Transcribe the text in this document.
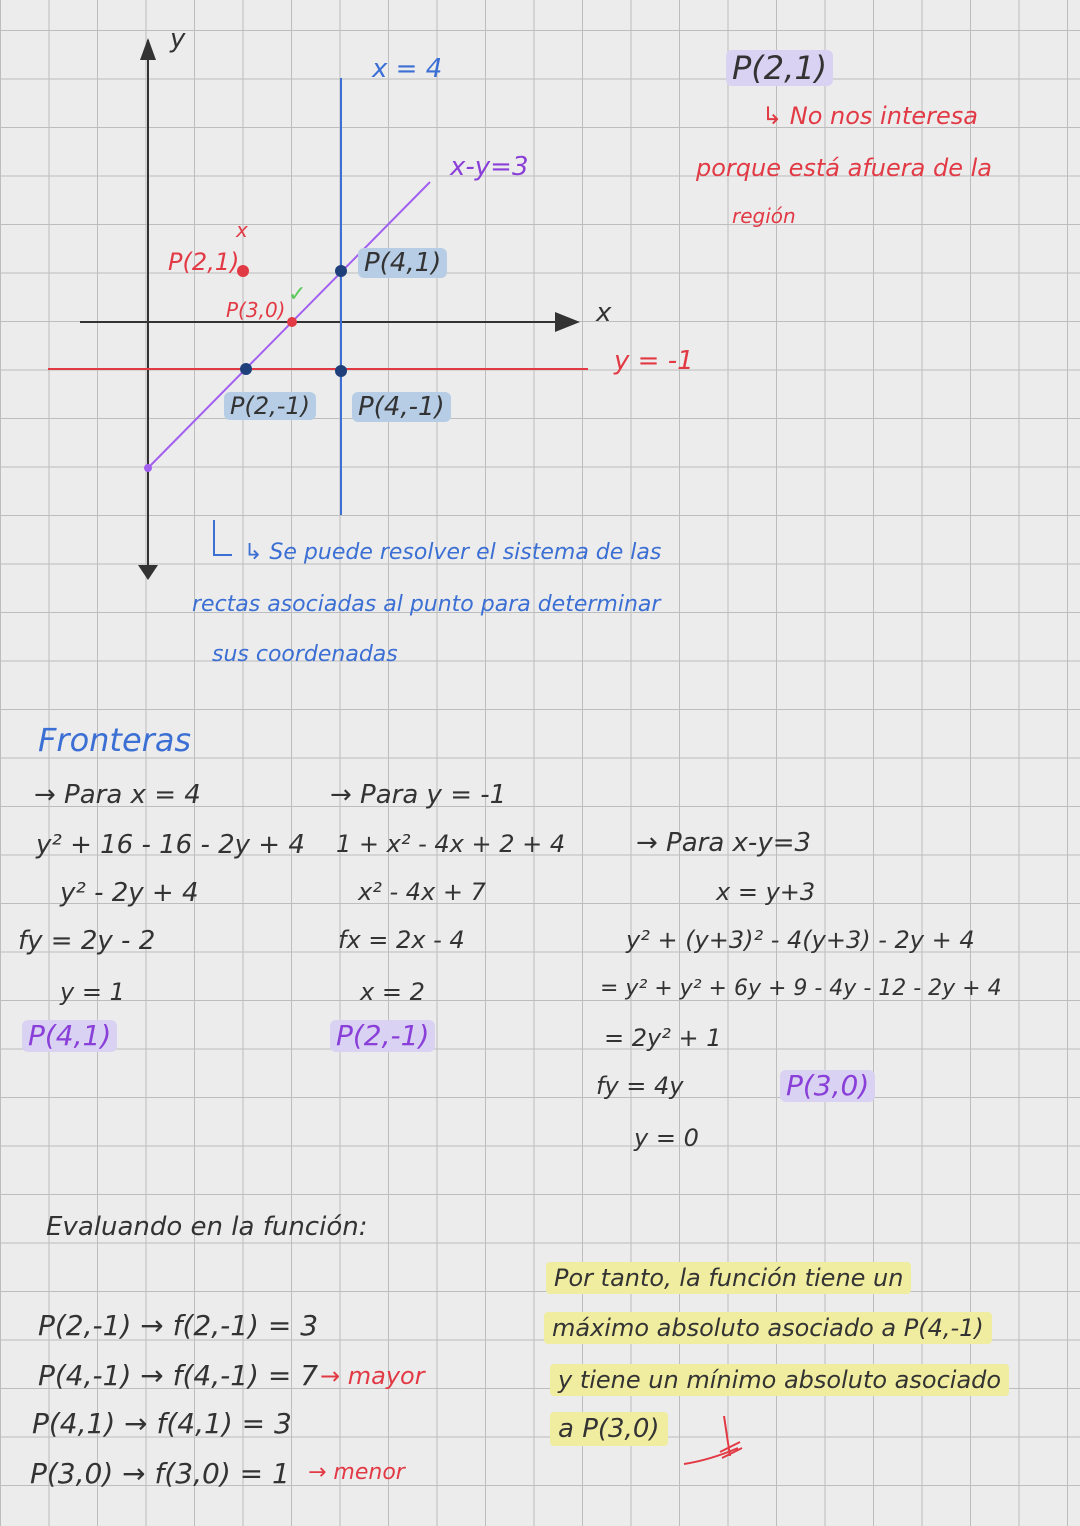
y
x
x = 4
x-y=3
y = -1
x
P(2,1)
P(3,0)
✓
P(4,1)
P(2,-1) P(4,-1)
P(2,1)
↳ No nos interesa
porque está afuera de la
región
↳ Se puede resolver el sistema de las
rectas asociadas al punto para determinar
sus coordenadas
Fronteras
→ Para x = 4
y² + 16 - 16 - 2y + 4
y² - 2y + 4
fy = 2y - 2
y = 1
P(4,1)
→ Para y = -1
1 + x² - 4x + 2 + 4
x² - 4x + 7
fx = 2x - 4
x = 2
P(2,-1)
→ Para x-y=3
x = y+3
y² + (y+3)² - 4(y+3) - 2y + 4
= y² + y² + 6y + 9 - 4y - 12 - 2y + 4
= 2y² + 1
fy = 4y
y = 0
P(3,0)
Evaluando en la función:
P(2,-1) → f(2,-1) = 3
P(4,-1) → f(4,-1) = 7 → mayor
P(4,1) → f(4,1) = 3
P(3,0) → f(3,0) = 1 → menor
Por tanto, la función tiene un
máximo absoluto asociado a P(4,-1)
y tiene un mínimo absoluto asociado
a P(3,0)
